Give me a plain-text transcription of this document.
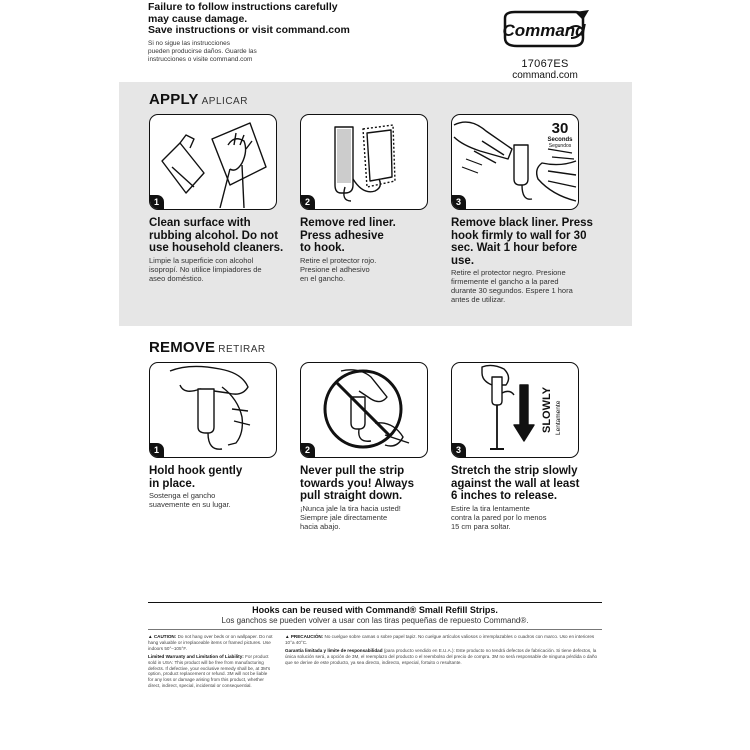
Failure to follow instructions carefully
may cause damage.
Save instructions or visit command.com
Si no sigue las instrucciones
pueden producirse daños. Guarde las
instrucciones o visite command.com
Command
17067ES
command.com
APPLY APLICAR
1
Clean surface with
rubbing alcohol. Do not
use household cleaners.
Limpie la superficie con alcohol
isopropí. No utilice limpiadores de
aseo doméstico.
2
Remove red liner.
Press adhesive
to hook.
Retire el protector rojo.
Presione el adhesivo
en el gancho.
30
Seconds
Segundos
3
Remove black liner. Press
hook firmly to wall for 30
sec. Wait 1 hour before use.
Retire el protector negro. Presione
firmemente el gancho a la pared
durante 30 segundos. Espere 1 hora
antes de utilizar.
REMOVE RETIRAR
1
Hold hook gently
in place.
Sostenga el gancho
suavemente en su lugar.
2
Never pull the strip
towards you! Always
pull straight down.
¡Nunca jale la tira hacia usted!
Siempre jale directamente
hacia abajo.
SLOWLY Lentamente
3
Stretch the strip slowly
against the wall at least
6 inches to release.
Estire la tira lentamente
contra la pared por lo menos
15 cm para soltar.
Hooks can be reused with Command® Small Refill Strips.
Los ganchos se pueden volver a usar con las tiras pequeñas de repuesto Command®.
▲ CAUTION: Do not hang over beds or on wallpaper. Do not hang valuable or irreplaceable items or framed pictures. Use indoors 50°–105°F.
Limited Warranty and Limitation of Liability: For product sold in USA: This product will be free from manufacturing defects. If defective, your exclusive remedy shall be, at 3M's option, product replacement or refund. 3M will not be liable for any loss or damage arising from this product, whether direct, indirect, special, incidental or consequential.
▲ PRECAUCIÓN: No cuelgue sobre camas o sobre papel tapiz. No cuelgue artículos valiosos o irremplazables o cuadros con marco. Uso en interiores 10°a 40°C.
Garantía limitada y límite de responsabilidad (para producto vendido en E.U.A.): Este producto no tendrá defectos de fabricación. Si tiene defectos, la única solución será, a opción de 3M, el reemplazo del producto o el reembolso del precio de compra. 3M no será responsable de ninguna pérdida o daño que se derive de este producto, ya sea directo, indirecto, especial, fortuito o resultante.
